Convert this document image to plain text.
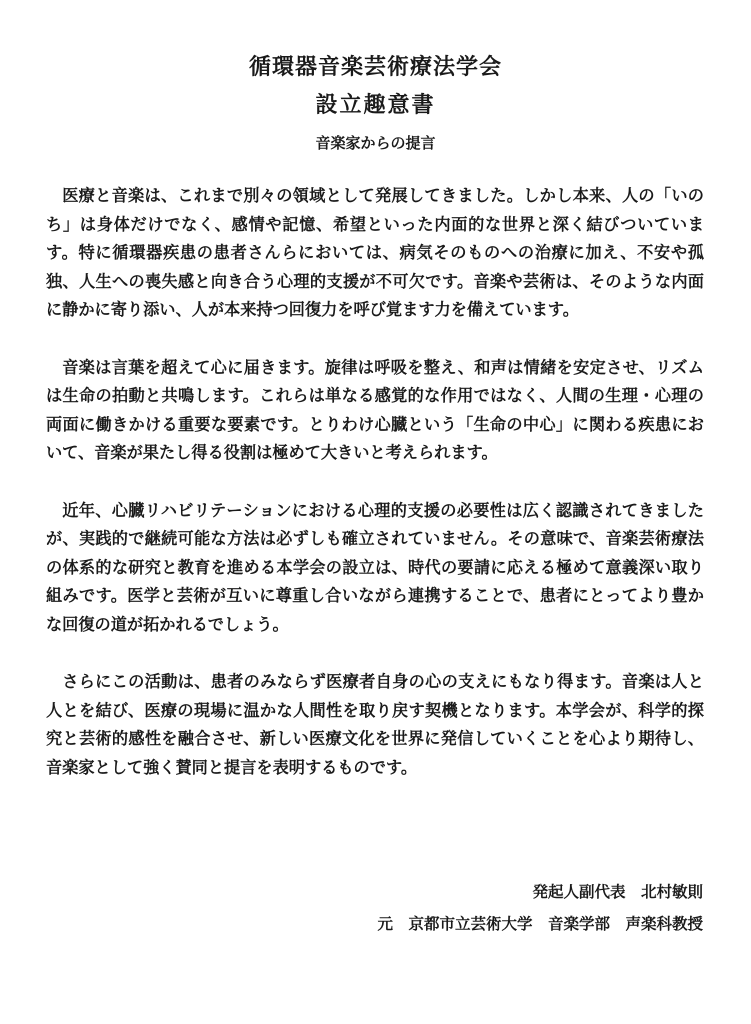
循環器音楽芸術療法学会
設立趣意書
音楽家からの提言

医療と音楽は、これまで別々の領域として発展してきました。しかし本来、人の「いのち」は身体だけでなく、感情や記憶、希望といった内面的な世界と深く結びついています。特に循環器疾患の患者さんらにおいては、病気そのものへの治療に加え、不安や孤独、人生への喪失感と向き合う心理的支援が不可欠です。音楽や芸術は、そのような内面に静かに寄り添い、人が本来持つ回復力を呼び覚ます力を備えています。

音楽は言葉を超えて心に届きます。旋律は呼吸を整え、和声は情緒を安定させ、リズムは生命の拍動と共鳴します。これらは単なる感覚的な作用ではなく、人間の生理・心理の両面に働きかける重要な要素です。とりわけ心臓という「生命の中心」に関わる疾患において、音楽が果たし得る役割は極めて大きいと考えられます。

近年、心臓リハビリテーションにおける心理的支援の必要性は広く認識されてきましたが、実践的で継続可能な方法は必ずしも確立されていません。その意味で、音楽芸術療法の体系的な研究と教育を進める本学会の設立は、時代の要請に応える極めて意義深い取り組みです。医学と芸術が互いに尊重し合いながら連携することで、患者にとってより豊かな回復の道が拓かれるでしょう。

さらにこの活動は、患者のみならず医療者自身の心の支えにもなり得ます。音楽は人と人とを結び、医療の現場に温かな人間性を取り戻す契機となります。本学会が、科学的探究と芸術的感性を融合させ、新しい医療文化を世界に発信していくことを心より期待し、音楽家として強く賛同と提言を表明するものです。

発起人副代表　北村敏則
元　京都市立芸術大学　音楽学部　声楽科教授
